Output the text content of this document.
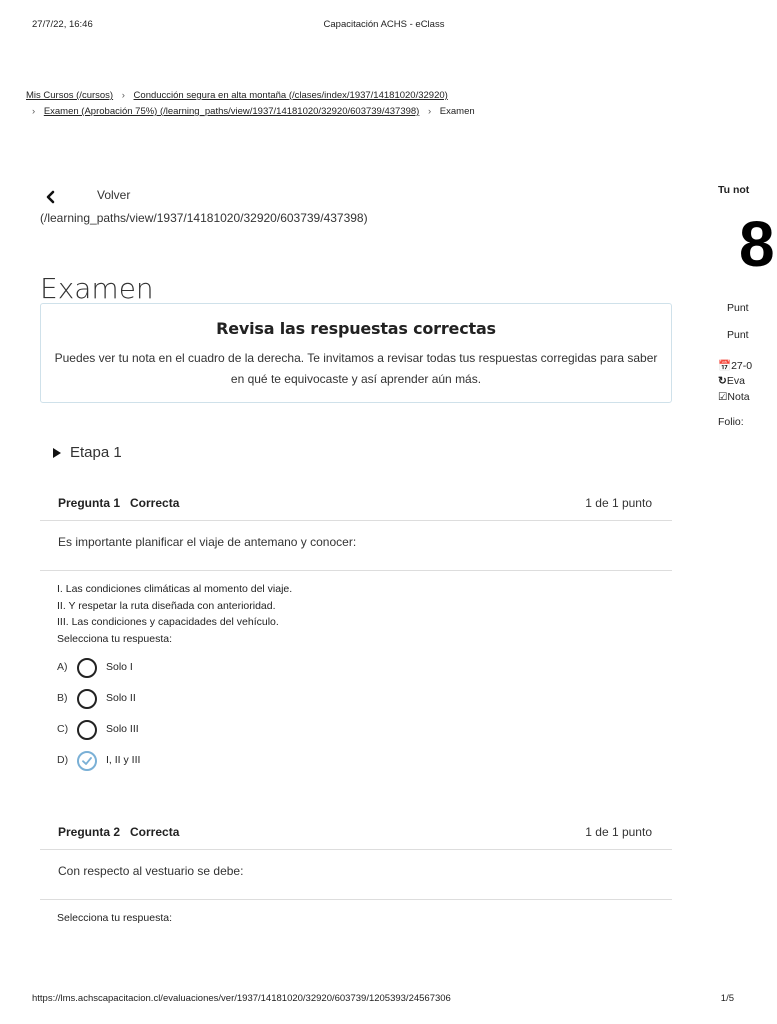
27/7/22, 16:46	Capacitación ACHS - eClass
Mis Cursos (/cursos) › Conducción segura en alta montaña (/clases/index/1937/14181020/32920)
› Examen (Aprobación 75%) (/learning_paths/view/1937/14181020/32920/603739/437398) › Examen
Volver
(/learning_paths/view/1937/14181020/32920/603739/437398)
Examen
Revisa las respuestas correctas
Puedes ver tu nota en el cuadro de la derecha. Te invitamos a revisar todas tus respuestas corregidas para saber en qué te equivocaste y así aprender aún más.
Etapa 1
Pregunta 1   Correcta	1 de 1 punto
Es importante planificar el viaje de antemano y conocer:
I. Las condiciones climáticas al momento del viaje.
II. Y respetar la ruta diseñada con anterioridad.
III. Las condiciones y capacidades del vehículo.
Selecciona tu respuesta:
A)	Solo I
B)	Solo II
C)	Solo III
D)	I, II y III
Pregunta 2   Correcta	1 de 1 punto
Con respecto al vestuario se debe:
Selecciona tu respuesta:
Tu not
8
Punt
Punt
📅27-0
↻Eva
☑Nota
Folio:
https://lms.achscapacitacion.cl/evaluaciones/ver/1937/14181020/32920/603739/1205393/24567306	1/5
